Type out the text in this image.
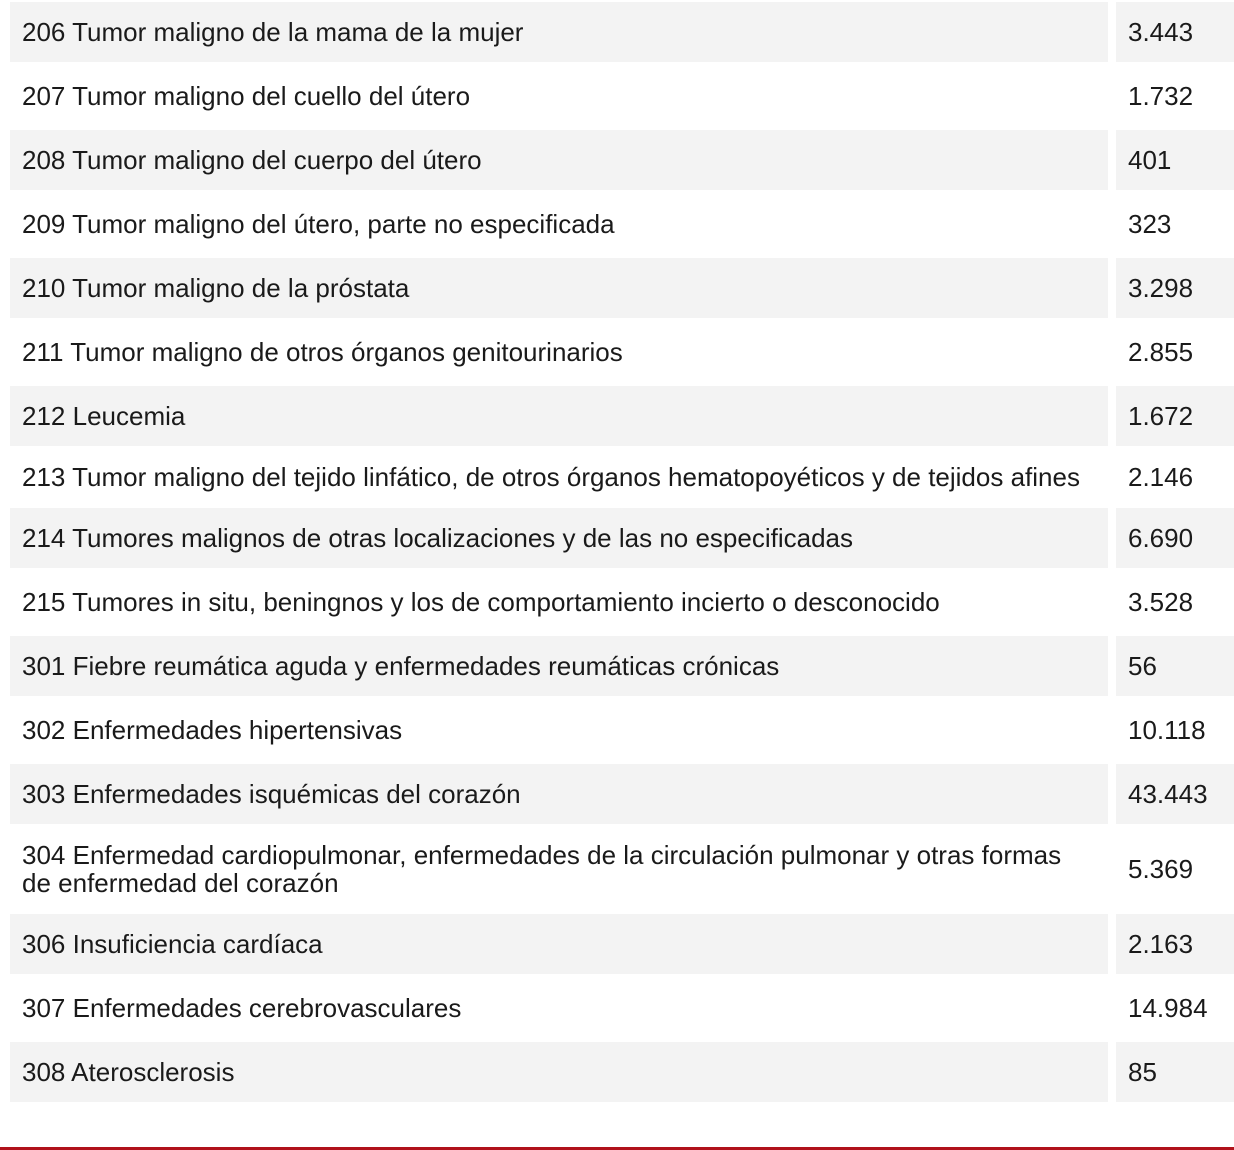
206 Tumor maligno de la mama de la mujer		3.443
207 Tumor maligno del cuello del útero		1.732
208 Tumor maligno del cuerpo del útero		401
209 Tumor maligno del útero, parte no especificada		323
210 Tumor maligno de la próstata		3.298
211 Tumor maligno de otros órganos genitourinarios		2.855
212 Leucemia		1.672
213 Tumor maligno del tejido linfático, de otros órganos hematopoyéticos y de tejidos afines		2.146
214 Tumores malignos de otras localizaciones y de las no especificadas		6.690
215 Tumores in situ, beningnos y los de comportamiento incierto o desconocido		3.528
301 Fiebre reumática aguda y enfermedades reumáticas crónicas		56
302 Enfermedades hipertensivas		10.118
303 Enfermedades isquémicas del corazón		43.443
304 Enfermedad cardiopulmonar, enfermedades de la circulación pulmonar y otras formas de enfermedad del corazón		5.369
306 Insuficiencia cardíaca		2.163
307 Enfermedades cerebrovasculares		14.984
308 Aterosclerosis		85
